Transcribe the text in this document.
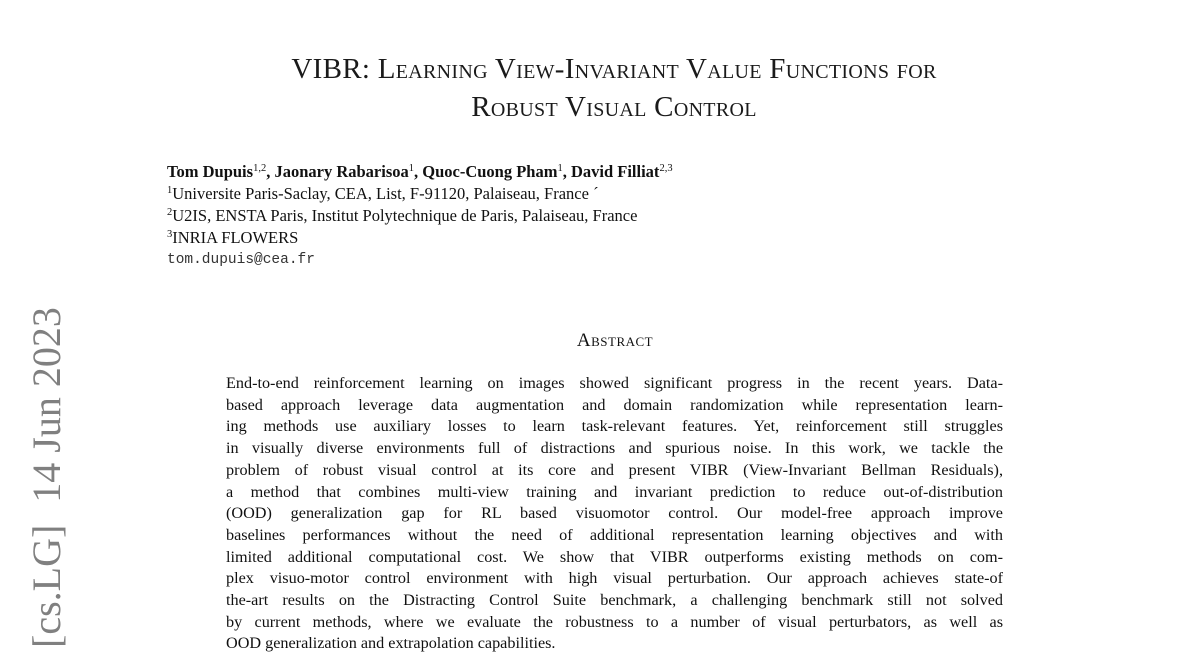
VIBR: Learning View-Invariant Value Functions for
Robust Visual Control
Tom Dupuis$^{1,2}$, Jaonary Rabarisoa$^1$, Quoc-Cuong Pham$^1$, David Filliat$^{2,3}$
$^1$Universite Paris-Saclay, CEA, List, F-91120, Palaiseau, France ´
$^2$U2IS, ENSTA Paris, Institut Polytechnique de Paris, Palaiseau, France
$^3$INRIA FLOWERS
tom.dupuis@cea.fr
[cs.LG]14 Jun 2023	Abstract
End-to-end reinforcement learning on images showed significant progress in the recent years. Data-
based approach leverage data augmentation and domain randomization while representation learn-
ing methods use auxiliary losses to learn task-relevant features. Yet, reinforcement still struggles
in visually diverse environments full of distractions and spurious noise. In this work, we tackle the
problem of robust visual control at its core and present VIBR (View-Invariant Bellman Residuals),
a method that combines multi-view training and invariant prediction to reduce out-of-distribution
(OOD) generalization gap for RL based visuomotor control. Our model-free approach improve
baselines performances without the need of additional representation learning objectives and with
limited additional computational cost. We show that VIBR outperforms existing methods on com-
plex visuo-motor control environment with high visual perturbation. Our approach achieves state-of
the-art results on the Distracting Control Suite benchmark, a challenging benchmark still not solved
by current methods, where we evaluate the robustness to a number of visual perturbators, as well as
OOD generalization and extrapolation capabilities.
